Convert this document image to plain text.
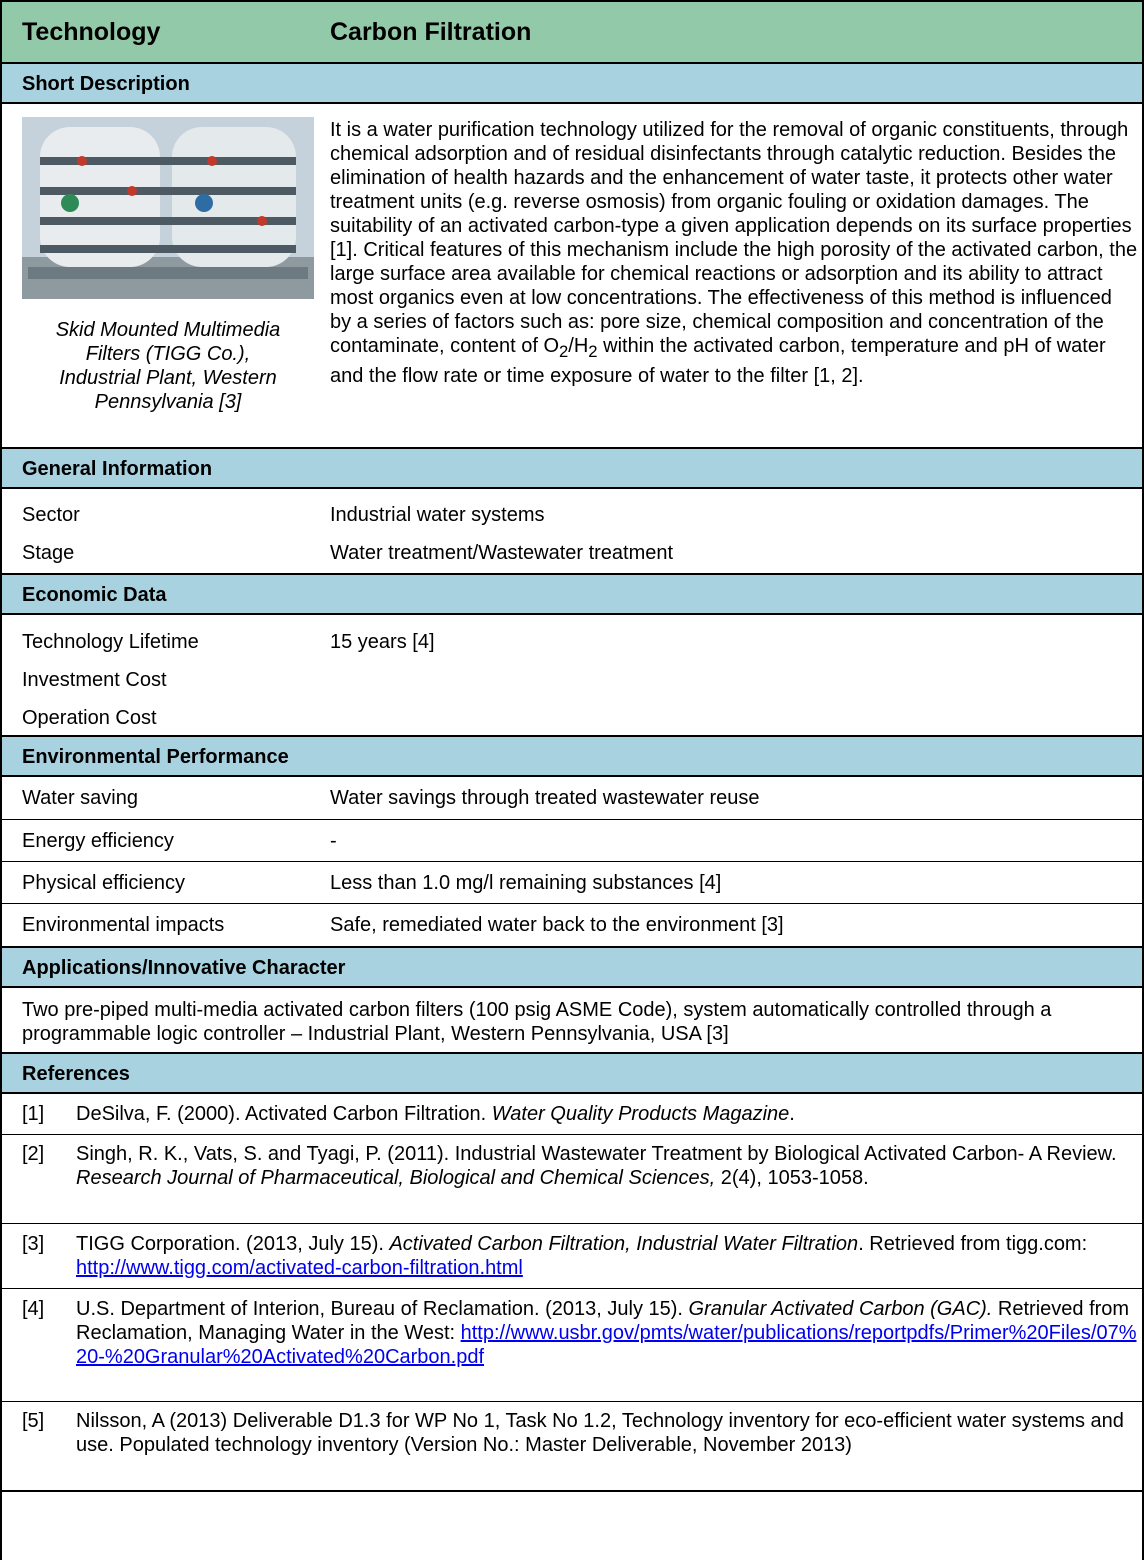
Technology	Carbon Filtration
Short Description
Skid Mounted Multimedia
Filters (TIGG Co.),
Industrial Plant, Western
Pennsylvania [3]
It is a water purification technology utilized for the removal of organic constituents, through chemical adsorption and of residual disinfectants through catalytic reduction. Besides the elimination of health hazards and the enhancement of water taste, it protects other water treatment units (e.g. reverse osmosis) from organic fouling or oxidation damages. The suitability of an activated carbon-type a given application depends on its surface properties [1]. Critical features of this mechanism include the high porosity of the activated carbon, the large surface area available for chemical reactions or adsorption and its ability to attract most organics even at low concentrations. The effectiveness of this method is influenced by a series of factors such as: pore size, chemical composition and concentration of the contaminate, content of $O_2/H_2$ within the activated carbon, temperature and pH of water and the flow rate or time exposure of water to the filter [1, 2].
General Information
Sector	Industrial water systems
Stage	Water treatment/Wastewater treatment
Economic Data
Technology Lifetime	15 years [4]
Investment Cost
Operation Cost
Environmental Performance
Water saving	Water savings through treated wastewater reuse
Energy efficiency	-
Physical efficiency	Less than 1.0 mg/l remaining substances [4]
Environmental impacts	Safe, remediated water back to the environment [3]
Applications/Innovative Character
Two pre-piped multi-media activated carbon filters (100 psig ASME Code), system automatically controlled through a programmable logic controller – Industrial Plant, Western Pennsylvania, USA [3]
References
[1] DeSilva, F. (2000). Activated Carbon Filtration. Water Quality Products Magazine.
[2] Singh, R. K., Vats, S. and Tyagi, P. (2011). Industrial Wastewater Treatment by Biological Activated Carbon- A Review. Research Journal of Pharmaceutical, Biological and Chemical Sciences, 2(4), 1053-1058.
[3] TIGG Corporation. (2013, July 15). Activated Carbon Filtration, Industrial Water Filtration. Retrieved from tigg.com: http://www.tigg.com/activated-carbon-filtration.html
[4] U.S. Department of Interion, Bureau of Reclamation. (2013, July 15). Granular Activated Carbon (GAC). Retrieved from Reclamation, Managing Water in the West: http://www.usbr.gov/pmts/water/publications/reportpdfs/Primer%20Files/07%20-%20Granular%20Activated%20Carbon.pdf
[5] Nilsson, A (2013) Deliverable D1.3 for WP No 1, Task No 1.2, Technology inventory for eco-efficient water systems and use. Populated technology inventory (Version No.: Master Deliverable, November 2013)
